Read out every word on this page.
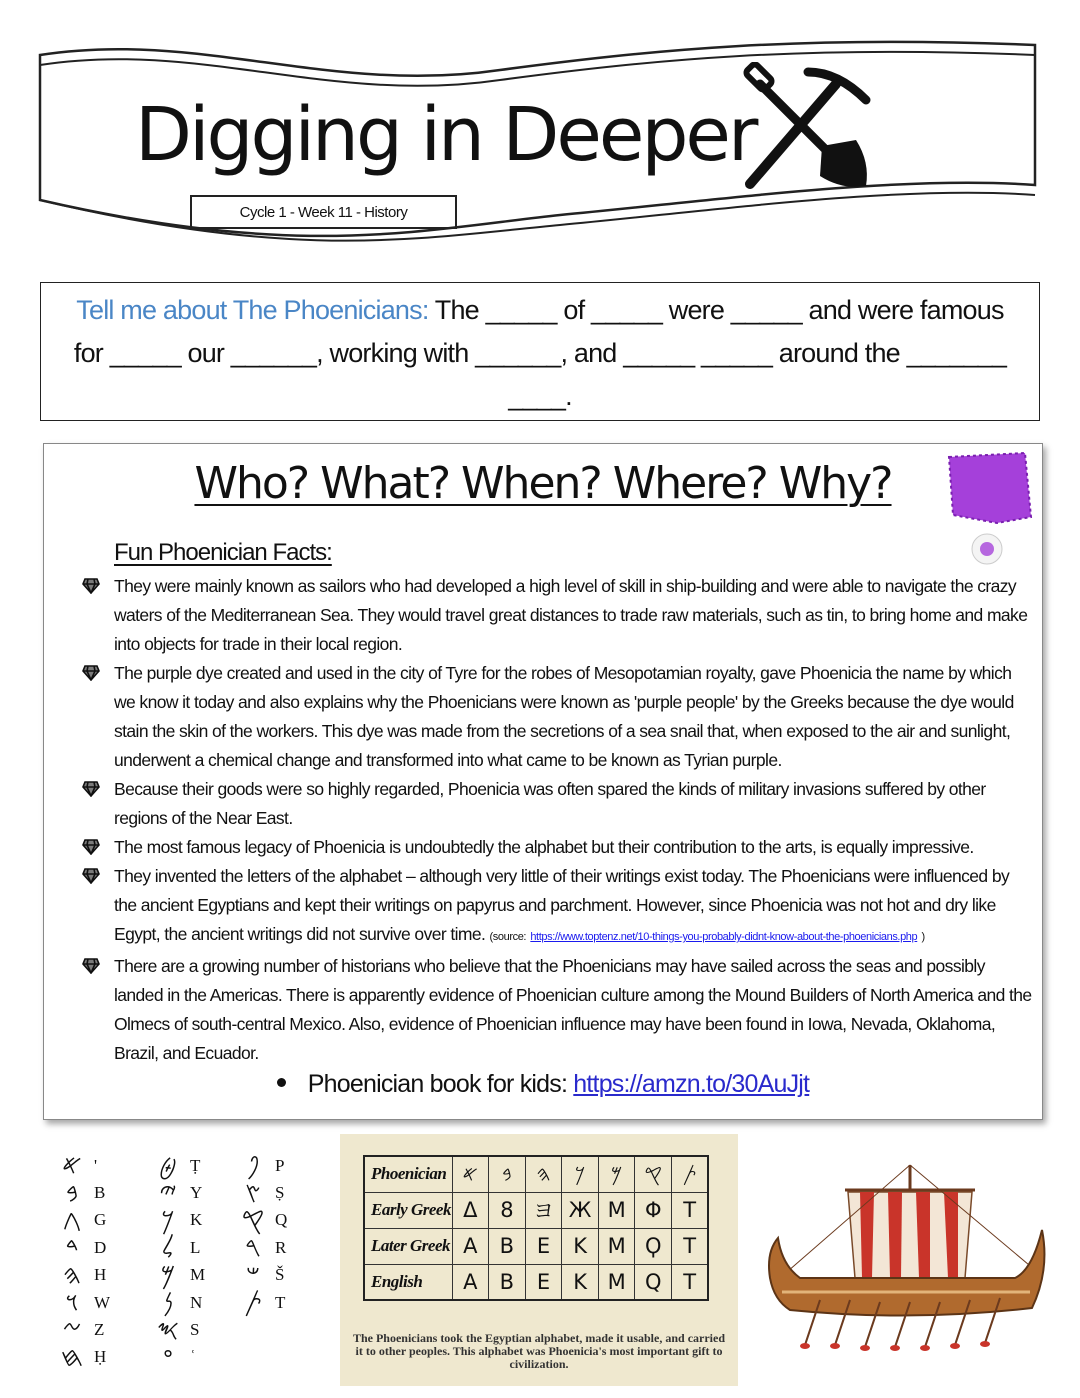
Digging in Deeper
Cycle 1 - Week 11 - History
Tell me about The Phoenicians: The _____ of _____ were _____ and were famous for _____ our ______, working with ______, and _____ _____ around the _______ ____.
Who? What? When? Where? Why?
Fun Phoenician Facts:
They were mainly known as sailors who had developed a high level of skill in ship-building and were able to navigate the crazy waters of the Mediterranean Sea. They would travel great distances to trade raw materials, such as tin, to bring home and make into objects for trade in their local region.
The purple dye created and used in the city of Tyre for the robes of Mesopotamian royalty, gave Phoenicia the name by which we know it today and also explains why the Phoenicians were known as 'purple people' by the Greeks because the dye would stain the skin of the workers. This dye was made from the secretions of a sea snail that, when exposed to the air and sunlight, underwent a chemical change and transformed into what came to be known as Tyrian purple.
Because their goods were so highly regarded, Phoenicia was often spared the kinds of military invasions suffered by other regions of the Near East.
The most famous legacy of Phoenicia is undoubtedly the alphabet but their contribution to the arts, is equally impressive.
They invented the letters of the alphabet – although very little of their writings exist today. The Phoenicians were influenced by the ancient Egyptians and kept their writings on papyrus and parchment. However, since Phoenicia was not hot and dry like Egypt, the ancient writings did not survive over time. (source: https://www.toptenz.net/10-things-you-probably-didnt-know-about-the-phoenicians.php )
There are a growing number of historians who believe that the Phoenicians may have sailed across the seas and possibly landed in the Americas. There is apparently evidence of Phoenician culture among the Mound Builders of North America and the Olmecs of south-central Mexico. Also, evidence of Phoenician influence may have been found in Iowa, Nevada, Oklahoma, Brazil, and Ecuador.
Phoenician book for kids: https://amzn.to/30AuJjt
𐤀 '
𐤁 B
𐤂 G
𐤃 D
𐤄 H
𐤅 W
𐤆 Z
𐤇 Ḥ
𐤈 Ṭ
𐤉 Y
𐤊 K
𐤋 L
𐤌 M
𐤍 N
𐤎 S
𐤏 ʿ
𐤐 P
𐤑 Ṣ
𐤒 Q
𐤓 R
𐤔 Š
𐤕 T
Phoenician	𐤀	𐤁	𐤄	𐤊	𐤌	𐤒	𐤕
Early Greek	Δ	8	ヨ	Ж	M	Φ	T
Later Greek	A	B	E	K	M	Ϙ	T
English	A	B	E	K	M	Q	T
The Phoenicians took the Egyptian alphabet, made it usable, and carried it to other peoples. This alphabet was Phoenicia's most important gift to civilization.
